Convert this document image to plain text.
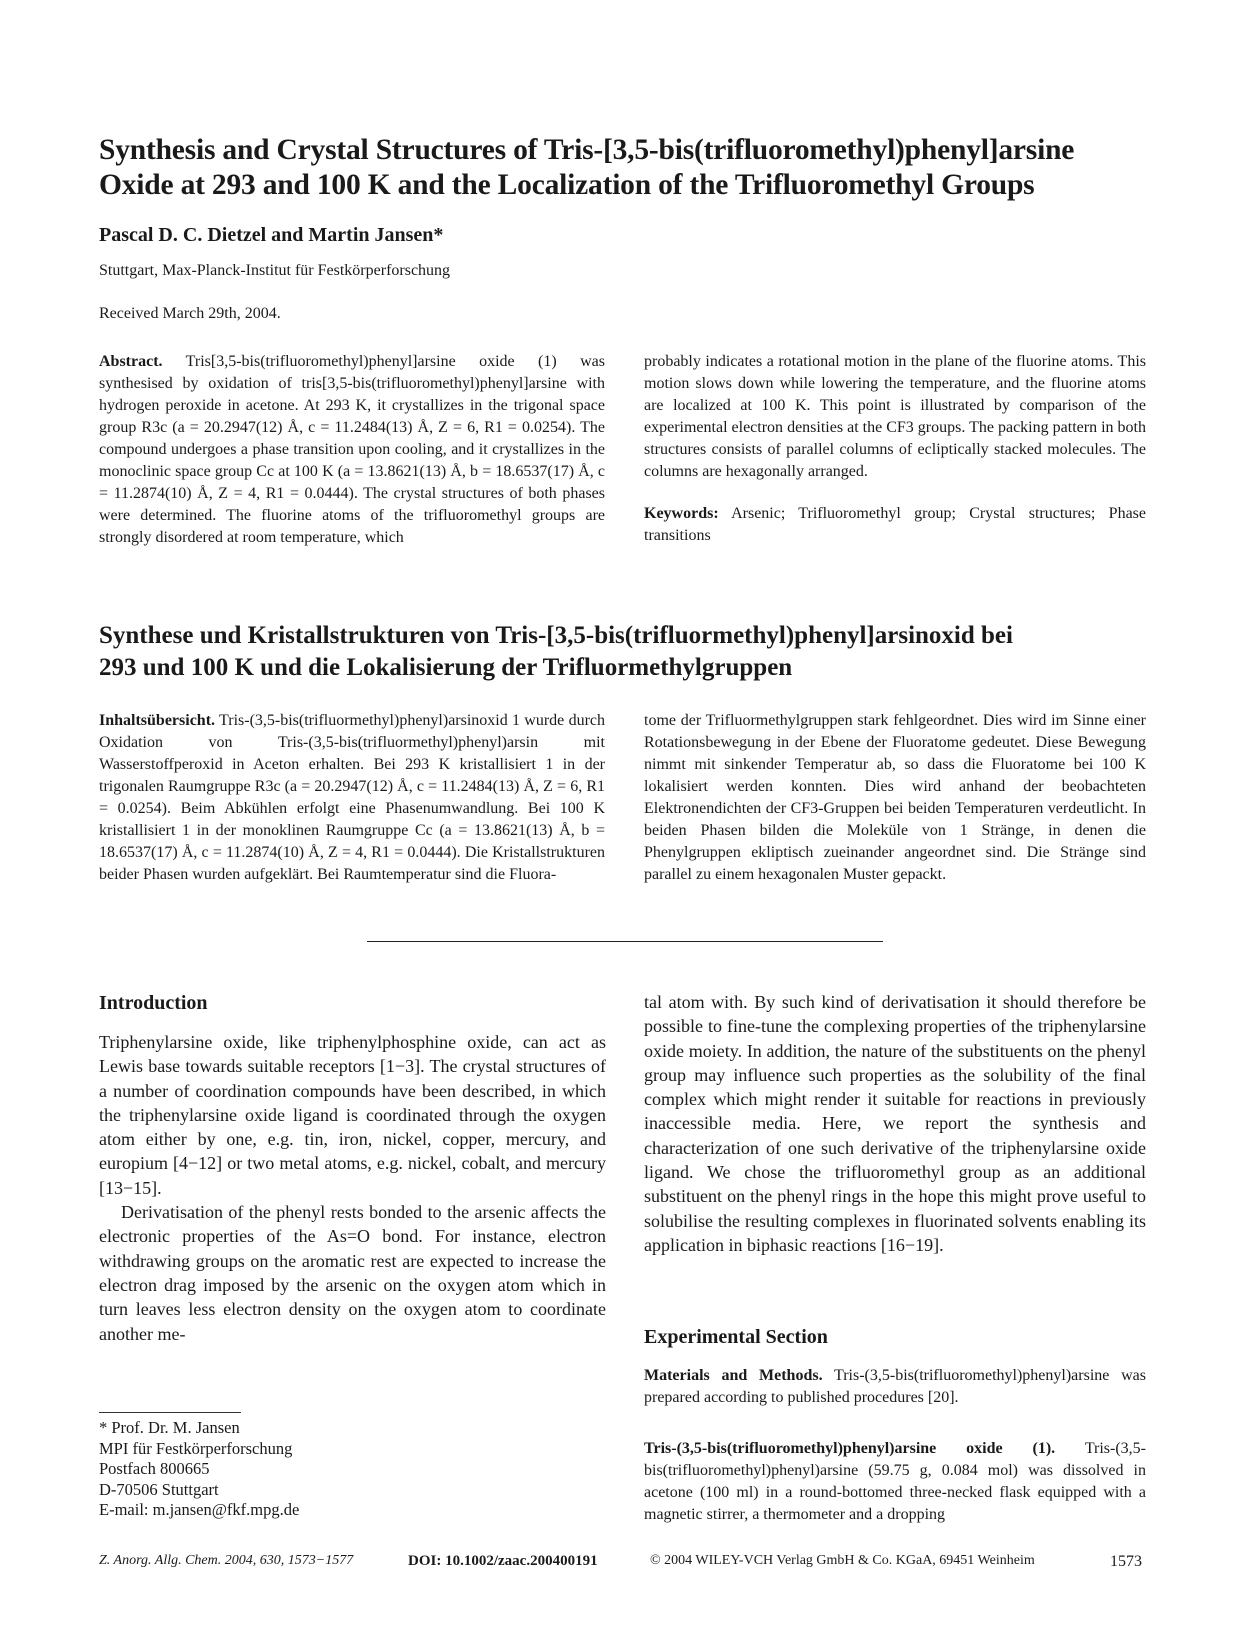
Synthesis and Crystal Structures of Tris-[3,5-bis(trifluoromethyl)phenyl]arsine
Oxide at 293 and 100 K and the Localization of the Trifluoromethyl Groups
Pascal D. C. Dietzel and Martin Jansen*
Stuttgart, Max-Planck-Institut für Festkörperforschung
Received March 29th, 2004.

Abstract. Tris[3,5-bis(trifluoromethyl)phenyl]arsine oxide (1) was synthesised by oxidation of tris[3,5-bis(trifluoromethyl)phenyl]arsine with hydrogen peroxide in acetone. At 293 K, it crystallizes in the trigonal space group R3c (a = 20.2947(12) Å, c = 11.2484(13) Å, Z = 6, R1 = 0.0254). The compound undergoes a phase transition upon cooling, and it crystallizes in the monoclinic space group Cc at 100 K (a = 13.8621(13) Å, b = 18.6537(17) Å, c = 11.2874(10) Å, Z = 4, R1 = 0.0444). The crystal structures of both phases were determined. The fluorine atoms of the trifluoromethyl groups are strongly disordered at room temperature, which

probably indicates a rotational motion in the plane of the fluorine atoms. This motion slows down while lowering the temperature, and the fluorine atoms are localized at 100 K. This point is illustrated by comparison of the experimental electron densities at the CF3 groups. The packing pattern in both structures consists of parallel columns of ecliptically stacked molecules. The columns are hexagonally arranged.

Keywords: Arsenic; Trifluoromethyl group; Crystal structures; Phase transitions

Synthese und Kristallstrukturen von Tris-[3,5-bis(trifluormethyl)phenyl]arsinoxid bei
293 und 100 K und die Lokalisierung der Trifluormethylgruppen

Inhaltsübersicht. Tris-(3,5-bis(trifluormethyl)phenyl)arsinoxid 1 wurde durch Oxidation von Tris-(3,5-bis(trifluormethyl)phenyl)arsin mit Wasserstoffperoxid in Aceton erhalten. Bei 293 K kristallisiert 1 in der trigonalen Raumgruppe R3c (a = 20.2947(12) Å, c = 11.2484(13) Å, Z = 6, R1 = 0.0254). Beim Abkühlen erfolgt eine Phasenumwandlung. Bei 100 K kristallisiert 1 in der monoklinen Raumgruppe Cc (a = 13.8621(13) Å, b = 18.6537(17) Å, c = 11.2874(10) Å, Z = 4, R1 = 0.0444). Die Kristallstrukturen beider Phasen wurden aufgeklärt. Bei Raumtemperatur sind die Fluora-

tome der Trifluormethylgruppen stark fehlgeordnet. Dies wird im Sinne einer Rotationsbewegung in der Ebene der Fluoratome gedeutet. Diese Bewegung nimmt mit sinkender Temperatur ab, so dass die Fluoratome bei 100 K lokalisiert werden konnten. Dies wird anhand der beobachteten Elektronendichten der CF3-Gruppen bei beiden Temperaturen verdeutlicht. In beiden Phasen bilden die Moleküle von 1 Stränge, in denen die Phenylgruppen ekliptisch zueinander angeordnet sind. Die Stränge sind parallel zu einem hexagonalen Muster gepackt.

Introduction

Triphenylarsine oxide, like triphenylphosphine oxide, can act as Lewis base towards suitable receptors [1−3]. The crystal structures of a number of coordination compounds have been described, in which the triphenylarsine oxide ligand is coordinated through the oxygen atom either by one, e.g. tin, iron, nickel, copper, mercury, and europium [4−12] or two metal atoms, e.g. nickel, cobalt, and mercury [13−15].

Derivatisation of the phenyl rests bonded to the arsenic affects the electronic properties of the As=O bond. For instance, electron withdrawing groups on the aromatic rest are expected to increase the electron drag imposed by the arsenic on the oxygen atom which in turn leaves less electron density on the oxygen atom to coordinate another me-

tal atom with. By such kind of derivatisation it should therefore be possible to fine-tune the complexing properties of the triphenylarsine oxide moiety. In addition, the nature of the substituents on the phenyl group may influence such properties as the solubility of the final complex which might render it suitable for reactions in previously inaccessible media. Here, we report the synthesis and characterization of one such derivative of the triphenylarsine oxide ligand. We chose the trifluoromethyl group as an additional substituent on the phenyl rings in the hope this might prove useful to solubilise the resulting complexes in fluorinated solvents enabling its application in biphasic reactions [16−19].
Experimental Section
Materials and Methods. Tris-(3,5-bis(trifluoromethyl)phenyl)arsine was prepared according to published procedures [20].
Tris-(3,5-bis(trifluoromethyl)phenyl)arsine oxide (1). Tris-(3,5-bis(trifluoromethyl)phenyl)arsine (59.75 g, 0.084 mol) was dissolved in acetone (100 ml) in a round-bottomed three-necked flask equipped with a magnetic stirrer, a thermometer and a dropping
* Prof. Dr. M. Jansen
MPI für Festkörperforschung
Postfach 800665
D-70506 Stuttgart
E-mail: m.jansen@fkf.mpg.de
Z. Anorg. Allg. Chem. 2004, 630, 1573−1577	DOI: 10.1002/zaac.200400191	© 2004 WILEY-VCH Verlag GmbH & Co. KGaA, 69451 Weinheim	1573
